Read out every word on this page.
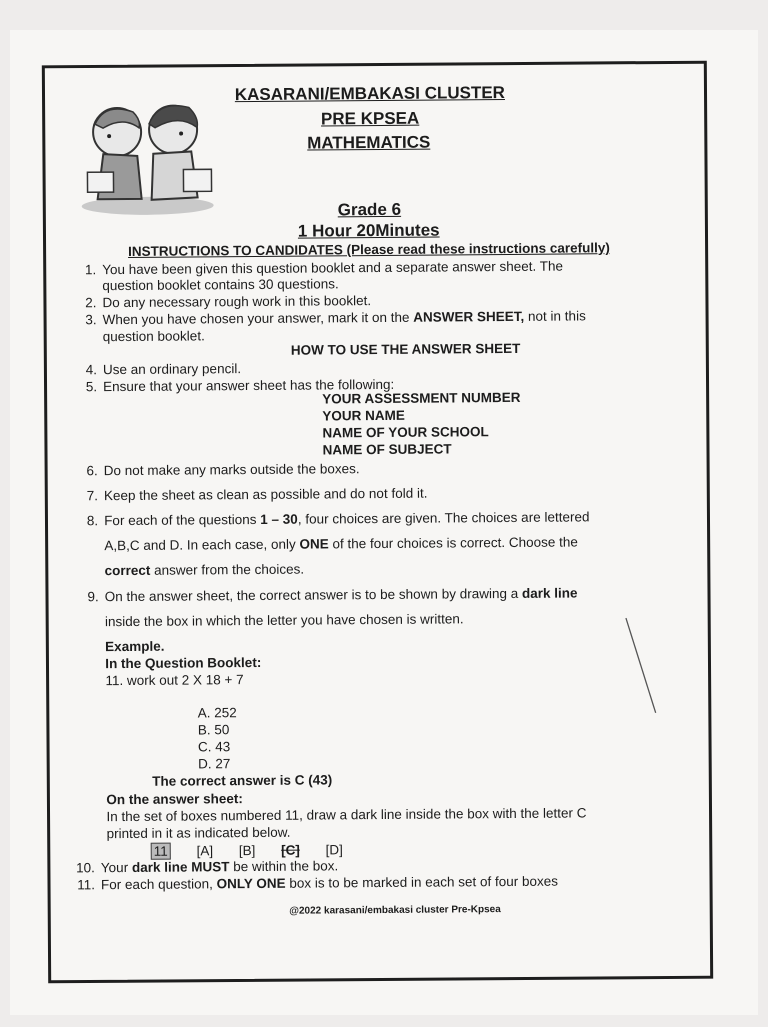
KASARANI/EMBAKASI CLUSTER
PRE KPSEA
MATHEMATICS
Grade 6
1 Hour 20Minutes
INSTRUCTIONS TO CANDIDATES (Please read these instructions carefully)
1. You have been given this question booklet and a separate answer sheet. The
question booklet contains 30 questions.
2. Do any necessary rough work in this booklet.
3. When you have chosen your answer, mark it on the ANSWER SHEET, not in this
question booklet.
HOW TO USE THE ANSWER SHEET
4. Use an ordinary pencil.
5. Ensure that your answer sheet has the following:
YOUR ASSESSMENT NUMBER
YOUR NAME
NAME OF YOUR SCHOOL
NAME OF SUBJECT
6. Do not make any marks outside the boxes.
7. Keep the sheet as clean as possible and do not fold it.
8. For each of the questions 1 – 30, four choices are given. The choices are lettered
A,B,C and D. In each case, only ONE of the four choices is correct. Choose the
correct answer from the choices.
9. On the answer sheet, the correct answer is to be shown by drawing a dark line
inside the box in which the letter you have chosen is written.
Example.
In the Question Booklet:
11. work out 2 X 18 + 7
A. 252
B. 50
C. 43
D. 27
The correct answer is C (43)
On the answer sheet:
In the set of boxes numbered 11, draw a dark line inside the box with the letter C
printed in it as indicated below.
11 [A] [B] [C] [D]
10. Your dark line MUST be within the box.
11. For each question, ONLY ONE box is to be marked in each set of four boxes
@2022 karasani/embakasi cluster Pre-Kpsea
